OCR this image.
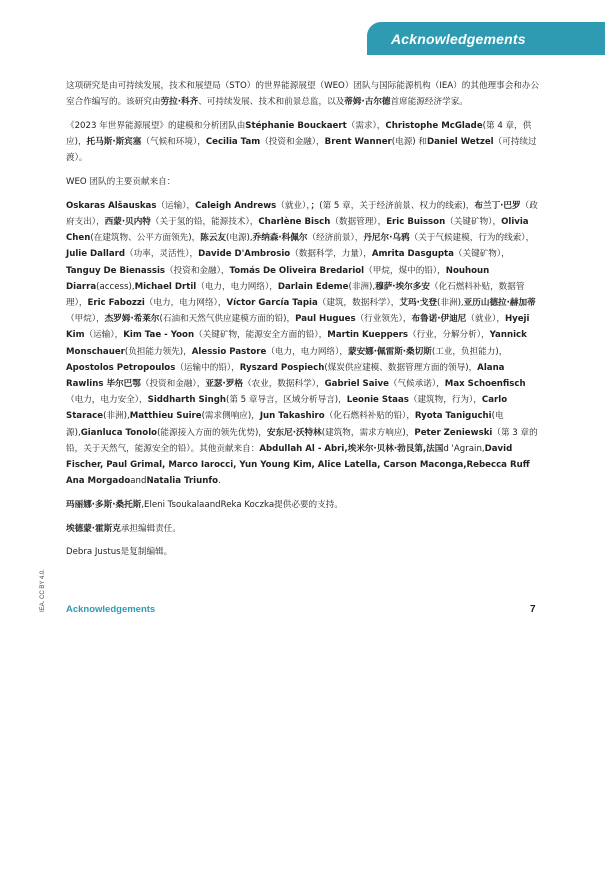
Acknowledgements

这项研究是由可持续发展，技术和展望局（STO）的世界能源展望（WEO）团队与国际能源机构（IEA）的其他理事会和办公室合作编写的。该研究由劳拉·科齐、可持续发展、技术和前景总监，以及蒂姆·古尔德首席能源经济学家。

《2023 年世界能源展望》的建模和分析团队由Stéphanie Bouckaert（需求），Christophe McGlade(第 4 章，供应)，托马斯·斯宾塞（气候和环境），Cecilia Tam（投资和金融），Brent Wanner(电源) 和Daniel Wetzel（可持续过渡）。

WEO 团队的主要贡献来自：

Oskaras Alšauskas（运输），Caleigh Andrews（就业），；(第 5 章，关于经济前景、权力的线索)，布兰丁·巴罗（政府支出），西蒙·贝内特（关于氢的铅，能源技术），Charlène Bisch（数据管理），Eric Buisson（关键矿物），Olivia Chen(在建筑物、公平方面领先)，陈云友(电源),乔纳森·科佩尔（经济前景），丹尼尔·乌鸦（关于气候建模，行为的线索），Julie Dallard（功率，灵活性），Davide D'Ambrosio（数据科学，力量），Amrita Dasgupta（关键矿物），Tanguy De Bienassis（投资和金融），Tomás De Oliveira Bredariol（甲烷，煤中的铅），Nouhoun Diarra(access),Michael Drtil（电力，电力网络），Darlain Edeme(非洲),穆萨·埃尔多安（化石燃料补贴，数据管理），Eric Fabozzi（电力，电力网络），Víctor García Tapia（建筑，数据科学），艾玛·戈登(非洲),亚历山德拉·赫加蒂（甲烷），杰罗姆·希莱尔(石油和天然气供应建模方面的铅)，Paul Hugues（行业领先），布鲁诺·伊迪尼（就业），Hyeji Kim（运输），Kim Tae - Yoon（关键矿物，能源安全方面的铅），Martin Kueppers（行业，分解分析），Yannick Monschauer(负担能力领先)，Alessio Pastore（电力，电力网络），蒙安娜·佩雷斯·桑切斯(工业，负担能力)，Apostolos Petropoulos（运输中的铅），Ryszard Pospiech(煤炭供应建模、数据管理方面的领导)，Alana Rawlins 毕尔巴鄂（投资和金融），亚瑟·罗格（农业，数据科学），Gabriel Saive（气候承诺），Max Schoenfisch（电力，电力安全），Siddharth Singh(第 5 章导言，区域分析导言)，Leonie Staas（建筑物，行为），Carlo Starace(非洲),Matthieu Suire(需求侧响应)，Jun Takashiro（化石燃料补贴的铅），Ryota Taniguchi(电源),Gianluca Tonolo(能源接入方面的领先优势)，安东尼·沃特林(建筑物，需求方响应)，Peter Zeniewski（第 3 章的铅，关于天然气，能源安全的铅）。其他贡献来自：Abdullah Al - Abri,埃米尔·贝林·勃艮第,法国d 'Agrain,David Fischer, Paul Grimal, Marco Iarocci, Yun Young Kim, Alice Latella, Carson Maconga,Rebecca Ruff Ana MorgadoandNatalia Triunfo.

玛丽娜·多斯·桑托斯,Eleni TsoukalaandReka Koczka提供必要的支持。

埃德蒙·霍斯克承担编辑责任。

Debra Justus是复制编辑。

IEA. CC BY 4.0. Acknowledgements	7
